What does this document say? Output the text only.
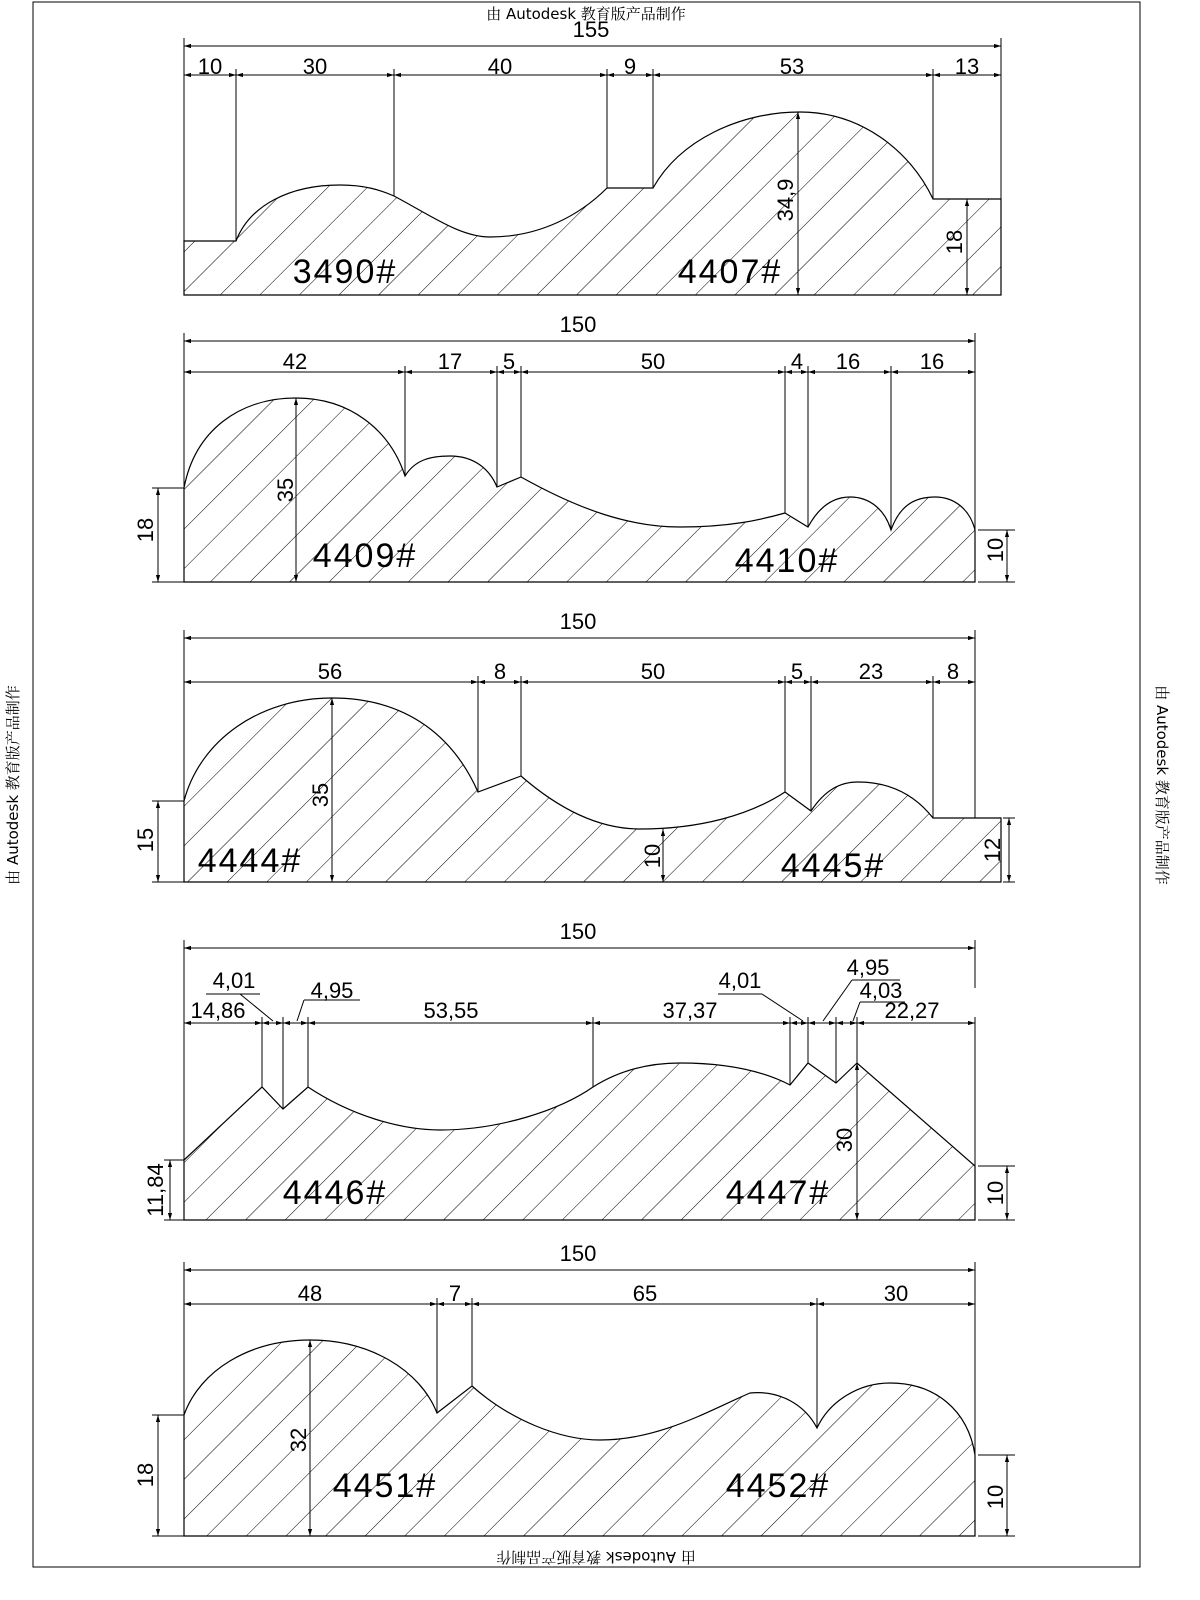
由 Autodesk 教育版产品制作
由 Autodesk 教育版产品制作
由 Autodesk 教育版产品制作	由 Autodesk 教育版产品制作
155
10	30	40	9	53	13
34,9
18
3490#	4407#
150
42	17 5	50	4 16	16
35
18
10
4409#	4410#
150
56	8	50	5	23	8
35
15
10	12
4444#	4445#
150
14,86
4,01	4,95
53,55	37,37
4,01
4,95
4,03
22,27
11,84
30
10
4446#	4447#
150
48	7	65	30
32
18
10
4451#	4452#
